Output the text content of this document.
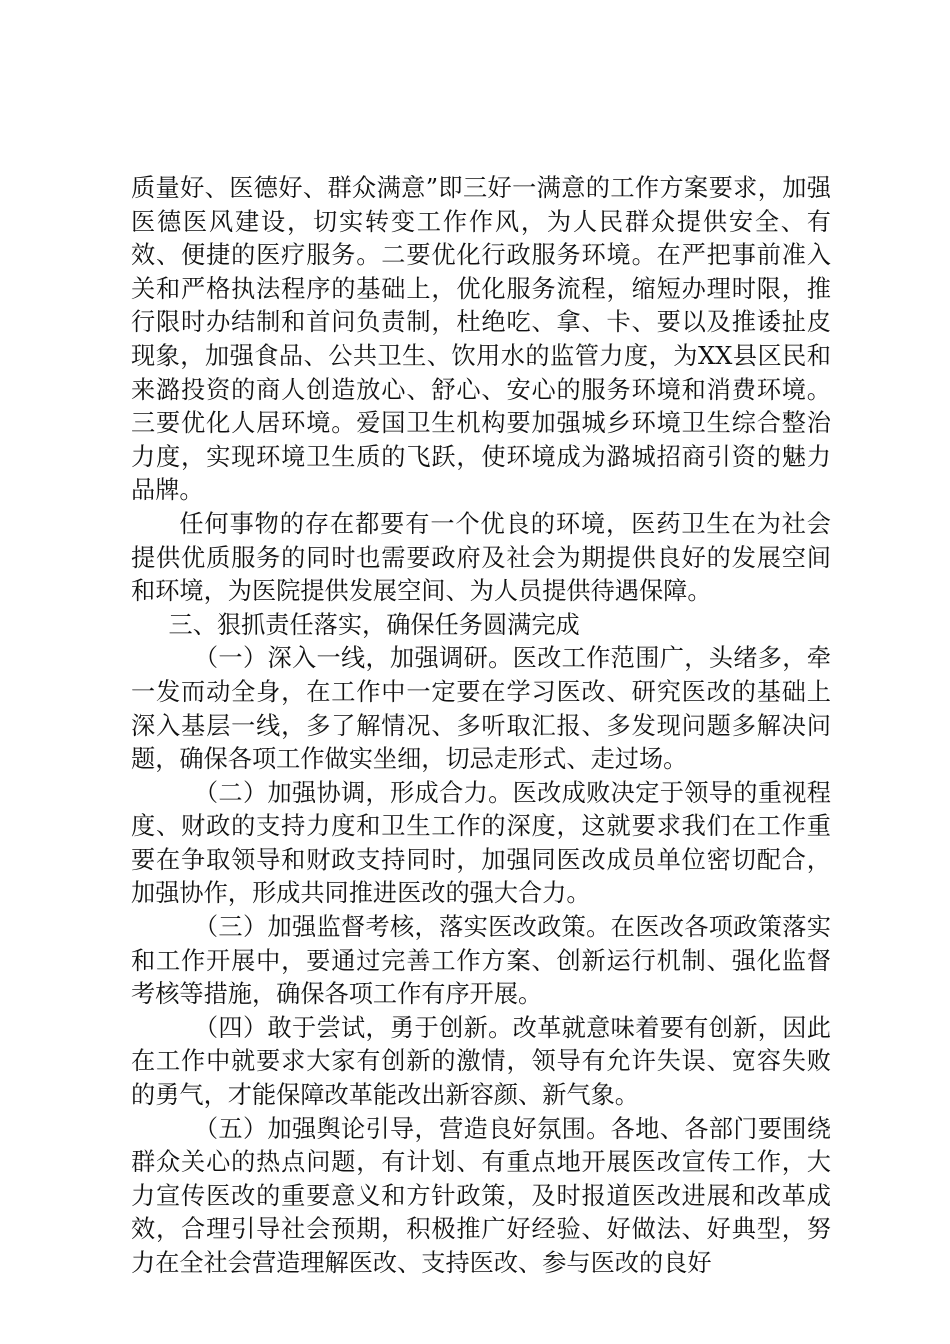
质量好、医德好、群众满意”即三好一满意的工作方案要求，加强医德医风建设，切实转变工作作风，为人民群众提供安全、有效、便捷的医疗服务。二要优化行政服务环境。在严把事前准入关和严格执法程序的基础上，优化服务流程，缩短办理时限，推行限时办结制和首问负责制，杜绝吃、拿、卡、要以及推诿扯皮现象，加强食品、公共卫生、饮用水的监管力度，为XX县区民和来潞投资的商人创造放心、舒心、安心的服务环境和消费环境。三要优化人居环境。爱国卫生机构要加强城乡环境卫生综合整治力度，实现环境卫生质的飞跃，使环境成为潞城招商引资的魅力品牌。

任何事物的存在都要有一个优良的环境，医药卫生在为社会提供优质服务的同时也需要政府及社会为期提供良好的发展空间和环境，为医院提供发展空间、为人员提供待遇保障。

三、狠抓责任落实，确保任务圆满完成

（一）深入一线，加强调研。医改工作范围广，头绪多，牵一发而动全身，在工作中一定要在学习医改、研究医改的基础上深入基层一线，多了解情况、多听取汇报、多发现问题多解决问题，确保各项工作做实坐细，切忌走形式、走过场。

（二）加强协调，形成合力。医改成败决定于领导的重视程度、财政的支持力度和卫生工作的深度，这就要求我们在工作重要在争取领导和财政支持同时，加强同医改成员单位密切配合，加强协作，形成共同推进医改的强大合力。

（三）加强监督考核，落实医改政策。在医改各项政策落实和工作开展中，要通过完善工作方案、创新运行机制、强化监督考核等措施，确保各项工作有序开展。

（四）敢于尝试，勇于创新。改革就意味着要有创新，因此在工作中就要求大家有创新的激情，领导有允许失误、宽容失败的勇气，才能保障改革能改出新容颜、新气象。

（五）加强舆论引导，营造良好氛围。各地、各部门要围绕群众关心的热点问题，有计划、有重点地开展医改宣传工作，大力宣传医改的重要意义和方针政策，及时报道医改进展和改革成效，合理引导社会预期，积极推广好经验、好做法、好典型，努力在全社会营造理解医改、支持医改、参与医改的良好
